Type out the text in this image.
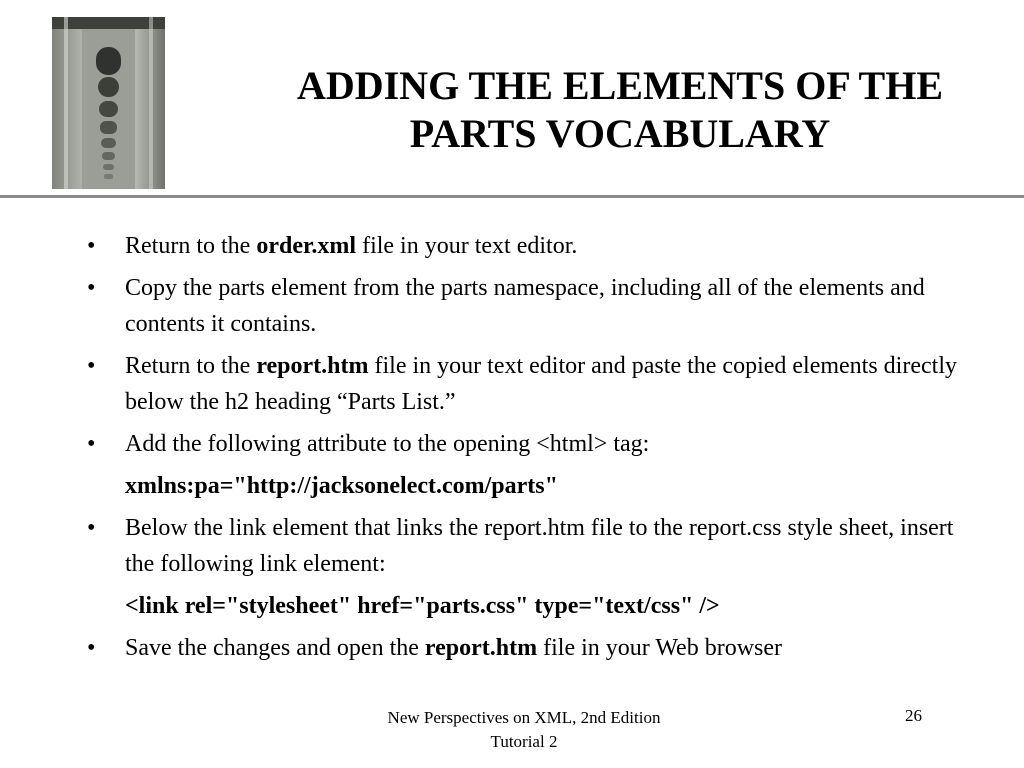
ADDING THE ELEMENTS OF THE
PARTS VOCABULARY
• Return to the order.xml file in your text editor.
• Copy the parts element from the parts namespace, including all of the elements and contents it contains.
• Return to the report.htm file in your text editor and paste the copied elements directly below the h2 heading “Parts List.”
• Add the following attribute to the opening <html> tag:
xmlns:pa="http://jacksonelect.com/parts"
• Below the link element that links the report.htm file to the report.css style sheet, insert the following link element:
<link rel="stylesheet" href="parts.css" type="text/css" />
• Save the changes and open the report.htm file in your Web browser
New Perspectives on XML, 2nd Edition
Tutorial 2
26
